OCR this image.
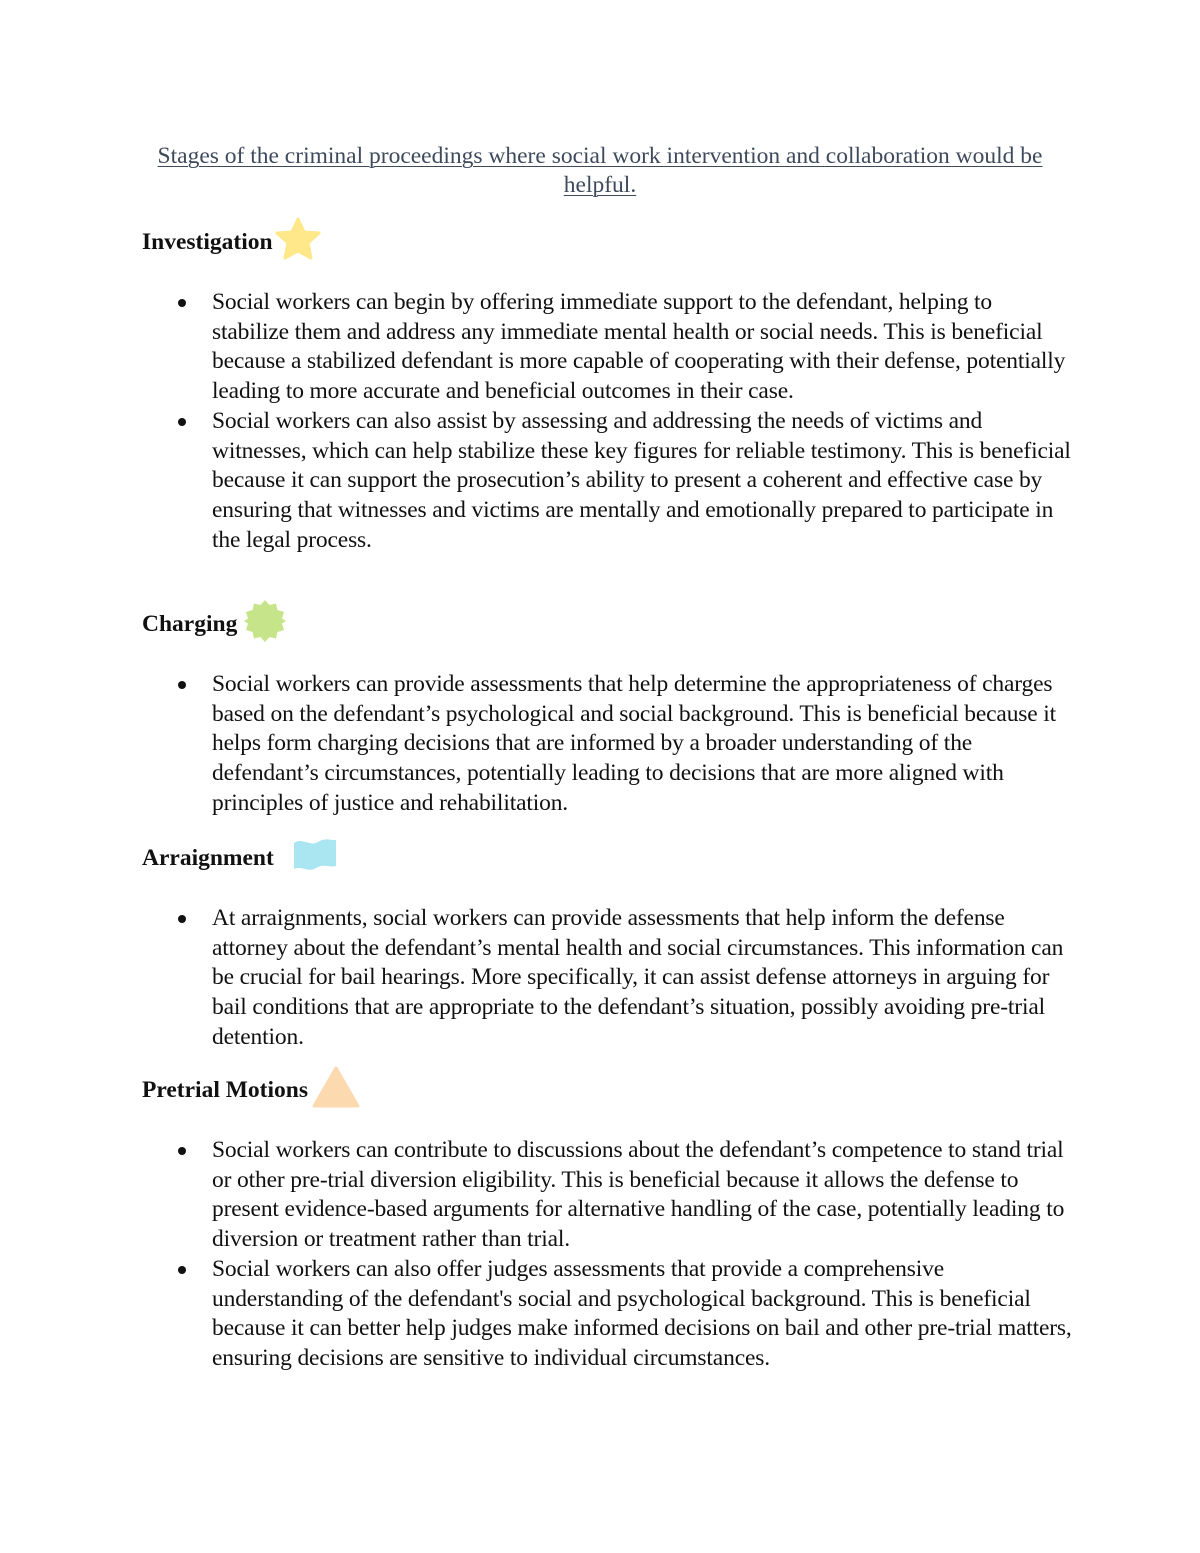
Stages of the criminal proceedings where social work intervention and collaboration would be helpful.
Investigation
Social workers can begin by offering immediate support to the defendant, helping to stabilize them and address any immediate mental health or social needs. This is beneficial because a stabilized defendant is more capable of cooperating with their defense, potentially leading to more accurate and beneficial outcomes in their case.
Social workers can also assist by assessing and addressing the needs of victims and witnesses, which can help stabilize these key figures for reliable testimony. This is beneficial because it can support the prosecution’s ability to present a coherent and effective case by ensuring that witnesses and victims are mentally and emotionally prepared to participate in the legal process.
Charging
Social workers can provide assessments that help determine the appropriateness of charges based on the defendant’s psychological and social background. This is beneficial because it helps form charging decisions that are informed by a broader understanding of the defendant’s circumstances, potentially leading to decisions that are more aligned with principles of justice and rehabilitation.
Arraignment
At arraignments, social workers can provide assessments that help inform the defense attorney about the defendant’s mental health and social circumstances. This information can be crucial for bail hearings. More specifically, it can assist defense attorneys in arguing for bail conditions that are appropriate to the defendant’s situation, possibly avoiding pre-trial detention.
Pretrial Motions
Social workers can contribute to discussions about the defendant’s competence to stand trial or other pre-trial diversion eligibility. This is beneficial because it allows the defense to present evidence-based arguments for alternative handling of the case, potentially leading to diversion or treatment rather than trial.
Social workers can also offer judges assessments that provide a comprehensive understanding of the defendant's social and psychological background. This is beneficial because it can better help judges make informed decisions on bail and other pre-trial matters, ensuring decisions are sensitive to individual circumstances.
